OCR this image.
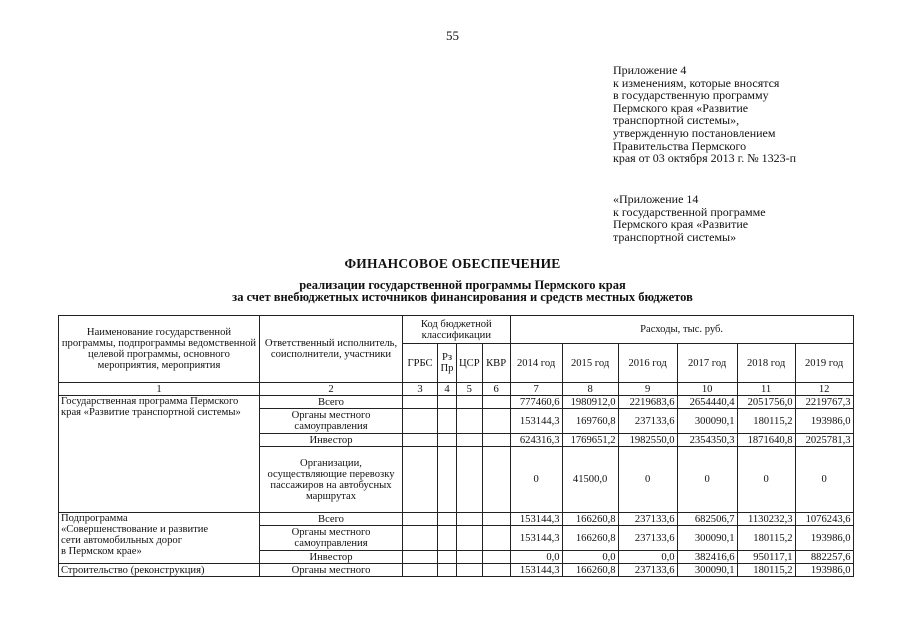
55
Приложение 4
к изменениям, которые вносятся
в государственную программу
Пермского края «Развитие
транспортной системы»,
утвержденную постановлением
Правительства Пермского
края от 03 октября 2013 г. № 1323-п
«Приложение 14
к государственной программе
Пермского края «Развитие
транспортной системы»
ФИНАНСОВОЕ ОБЕСПЕЧЕНИЕ
реализации государственной программы Пермского края
за счет внебюджетных источников финансирования и средств местных бюджетов
Наименование государственной программы, подпрограммы ведомственной целевой программы, основного мероприятия, мероприятия	Ответственный исполнитель, соисполнители, участники	Код бюджетной классификации				Расходы, тыс. руб.					
		ГРБС	Рз Пр	ЦСР	КВР	2014 год	2015 год	2016 год	2017 год	2018 год	2019 год
1	2	3	4	5	6	7	8	9	10	11	12
Государственная программа Пермского края «Развитие транспортной системы»	Всего					777460,6	1980912,0	2219683,6	2654440,4	2051756,0	2219767,3
	Органы местного самоуправления					153144,3	169760,8	237133,6	300090,1	180115,2	193986,0
	Инвестор					624316,3	1769651,2	1982550,0	2354350,3	1871640,8	2025781,3
	Организации, осуществляющие перевозку пассажиров на автобусных маршрутах					0	41500,0	0	0	0	0

Подпрограмма
«Совершенствование и развитие
сети автомобильных дорог
в Пермском крае»	Всего					153144,3	166260,8	237133,6	682506,7	1130232,3	1076243,6
	Органы местного самоуправления					153144,3	166260,8	237133,6	300090,1	180115,2	193986,0
	Инвестор					0,0	0,0	0,0	382416,6	950117,1	882257,6
Строительство (реконструкция)	Органы местного					153144,3	166260,8	237133,6	300090,1	180115,2	193986,0
